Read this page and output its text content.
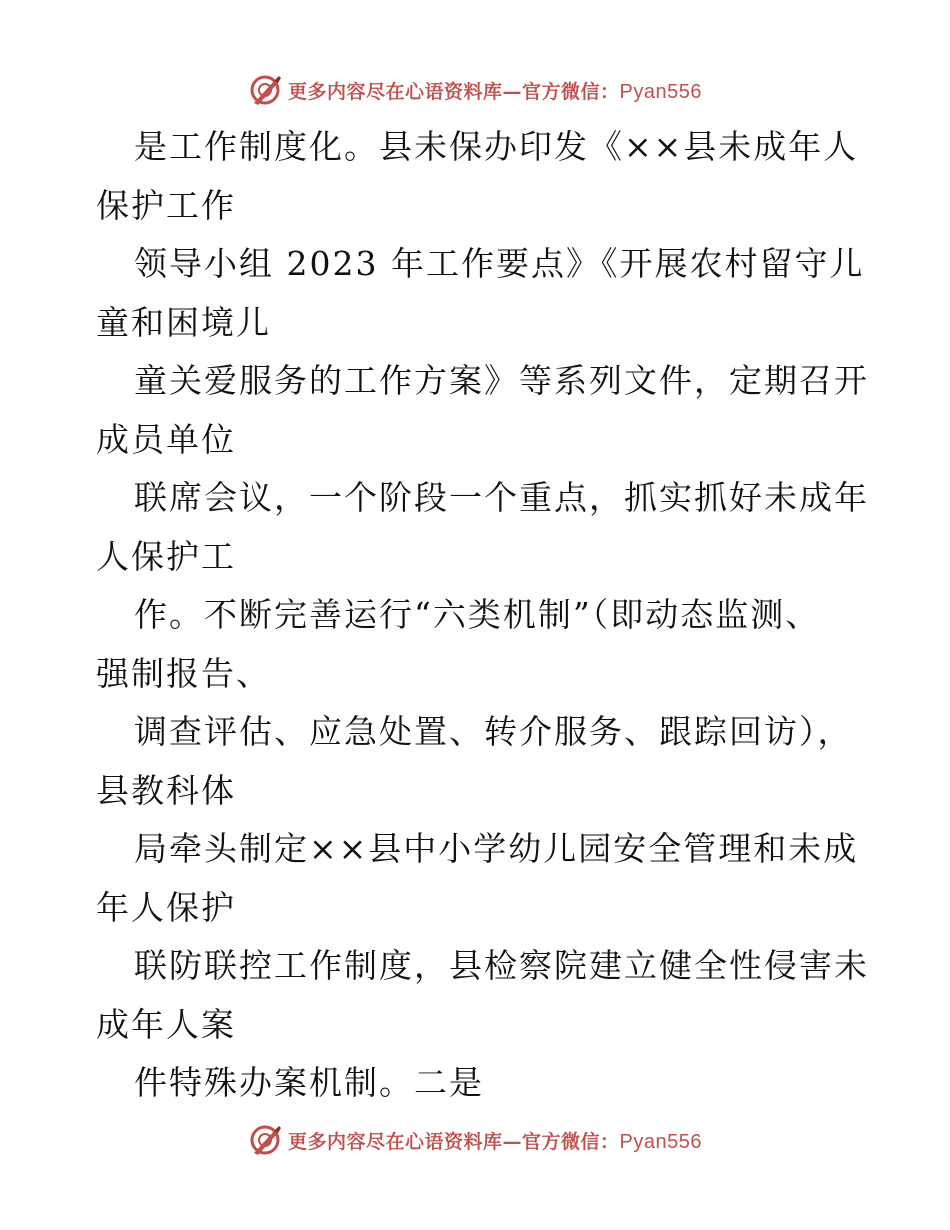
更多内容尽在心语资料库—官方微信：Pyan556
是工作制度化。县未保办印发《××县未成年人
保护工作
领导小组 2023 年工作要点》《开展农村留守儿
童和困境儿
童关爱服务的工作方案》等系列文件，定期召开
成员单位
联席会议，一个阶段一个重点，抓实抓好未成年
人保护工
作。不断完善运行“六类机制”（即动态监测、
强制报告、
调查评估、应急处置、转介服务、跟踪回访），
县教科体
局牵头制定××县中小学幼儿园安全管理和未成
年人保护
联防联控工作制度，县检察院建立健全性侵害未
成年人案
件特殊办案机制。二是
更多内容尽在心语资料库—官方微信：Pyan556
